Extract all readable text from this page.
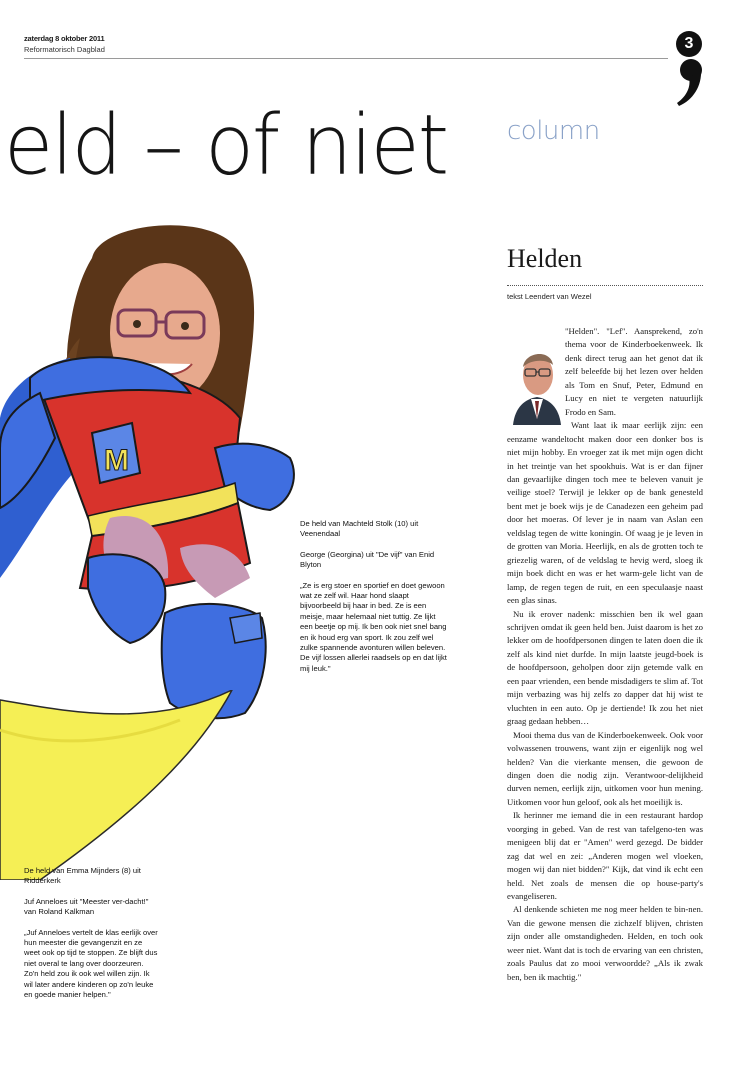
zaterdag 8 oktober 2011
Reformatorisch Dagblad	3
eld – of niet column
M

De held van Machteld Stolk (10) uit Veenendaal

George (Georgina) uit "De vijf" van Enid Blyton

„Ze is erg stoer en sportief en doet gewoon wat ze zelf wil. Haar hond slaapt bijvoorbeeld bij haar in bed. Ze is een meisje, maar helemaal niet tuttig. Ze lijkt een beetje op mij. Ik ben ook niet snel bang en ik houd erg van sport. Ik zou zelf wel zulke spannende avonturen willen beleven. De vijf lossen allerlei raadsels op en dat lijkt mij leuk."

De held van Emma Mijnders (8) uit Ridderkerk

Juf Anneloes uit "Meester ver-dacht!" van Roland Kalkman

„Juf Anneloes vertelt de klas eerlijk over hun meester die gevangenzit en ze weet ook op tijd te stoppen. Ze blijft dus niet overal te lang over doorzeuren. Zo'n held zou ik ook wel willen zijn. Ik wil later andere kinderen op zo'n leuke en goede manier helpen."

Helden
tekst Leendert van Wezel

"Helden". "Lef". Aansprekend, zo'n thema voor de Kinderboekenweek. Ik denk direct terug aan het genot dat ik zelf beleefde bij het lezen over helden als Tom en Snuf, Peter, Edmund en Lucy en niet te vergeten natuurlijk Frodo en Sam.

Want laat ik maar eerlijk zijn: een eenzame wandeltocht maken door een donker bos is niet mijn hobby. En vroeger zat ik met mijn ogen dicht in het treintje van het spookhuis. Wat is er dan fijner dan gevaarlijke dingen toch mee te beleven vanuit je veilige stoel? Terwijl je lekker op de bank genesteld bent met je boek wijs je de Canadezen een geheim pad door het moeras. Of lever je in naam van Aslan een veldslag tegen de witte koningin. Of waag je je leven in de grotten van Moria. Heerlijk, en als de grotten toch te griezelig waren, of de veldslag te hevig werd, sloeg ik mijn boek dicht en was er het warm-gele licht van de lamp, de regen tegen de ruit, en een speculaasje naast een glas sinas.

Nu ik erover nadenk: misschien ben ik wel gaan schrijven omdat ik geen held ben. Juist daarom is het zo lekker om de hoofdpersonen dingen te laten doen die ik zelf als kind niet durfde. In mijn laatste jeugd-boek is de hoofdpersoon, geholpen door zijn getemde valk en een paar vrienden, een bende misdadigers te slim af. Tot mijn verbazing was hij zelfs zo dapper dat hij wist te vluchten in een auto. Op je dertiende! Ik zou het niet graag gedaan hebben…

Mooi thema dus van de Kinderboekenweek. Ook voor volwassenen trouwens, want zijn er eigenlijk nog wel helden? Van die vierkante mensen, die gewoon de dingen doen die nodig zijn. Verantwoor-delijkheid durven nemen, eerlijk zijn, uitkomen voor hun mening. Uitkomen voor hun geloof, ook als het moeilijk is.

Ik herinner me iemand die in een restaurant hardop voorging in gebed. Van de rest van tafelgeno-ten was menigeen blij dat er "Amen" werd gezegd. De bidder zag dat wel en zei: „Anderen mogen wel vloeken, mogen wij dan niet bidden?" Kijk, dat vind ik echt een held. Net zoals de mensen die op house-party's evangeliseren.

Al denkende schieten me nog meer helden te bin-nen. Van die gewone mensen die zichzelf blijven, christen zijn onder alle omstandigheden. Helden, en toch ook weer niet. Want dat is toch de ervaring van een christen, zoals Paulus dat zo mooi verwoordde? „Als ik zwak ben, ben ik machtig."
